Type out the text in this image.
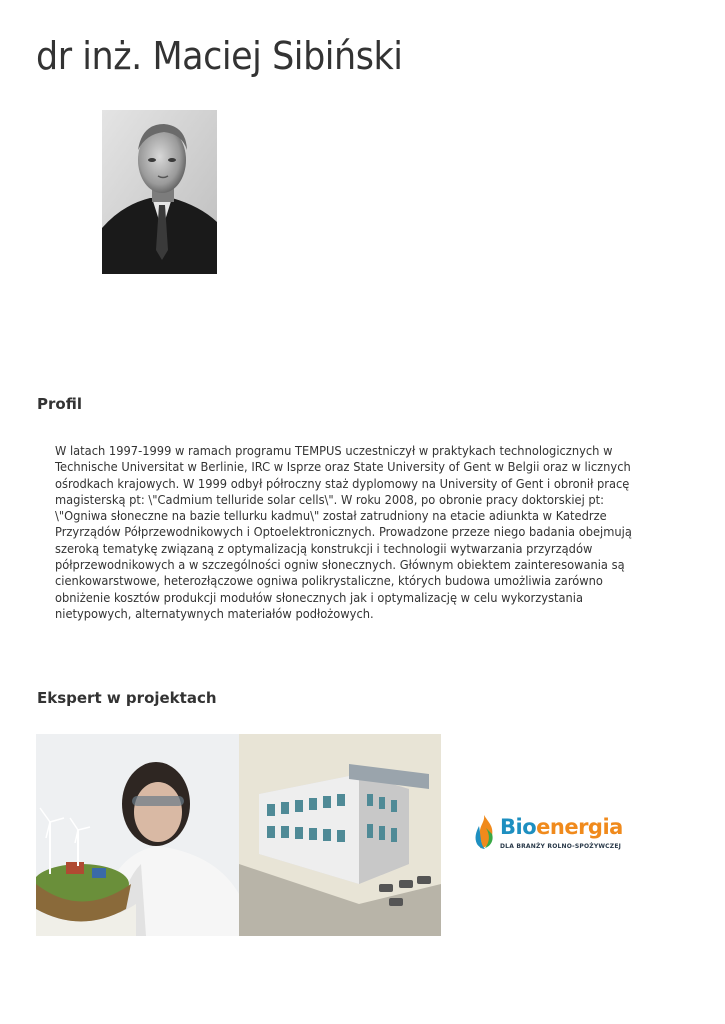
dr inż. Maciej Sibiński
Profil

W latach 1997-1999 w ramach programu TEMPUS uczestniczył w praktykach technologicznych w Technische Universitat w Berlinie, IRC w Isprze oraz State University of Gent w Belgii oraz w licznych ośrodkach krajowych. W 1999 odbył półroczny staż dyplomowy na University of Gent i obronił pracę magisterską pt: \"Cadmium telluride solar cells\". W roku 2008, po obronie pracy doktorskiej pt: \"Ogniwa słoneczne na bazie tellurku kadmu\" został zatrudniony na etacie adiunkta w Katedrze Przyrządów Półprzewodnikowych i Optoelektronicznych. Prowadzone przeze niego badania obejmują szeroką tematykę związaną z optymalizacją konstrukcji i technologii wytwarzania przyrządów półprzewodnikowych a w szczególności ogniw słonecznych. Głównym obiektem zainteresowania są cienkowarstwowe, heterozłączowe ogniwa polikrystaliczne, których budowa umożliwia zarówno obniżenie kosztów produkcji modułów słonecznych jak i optymalizację w celu wykorzystania nietypowych, alternatywnych materiałów podłożowych.

Ekspert w projektach
Bioenergia
DLA BRANŻY ROLNO-SPOŻYWCZEJ
